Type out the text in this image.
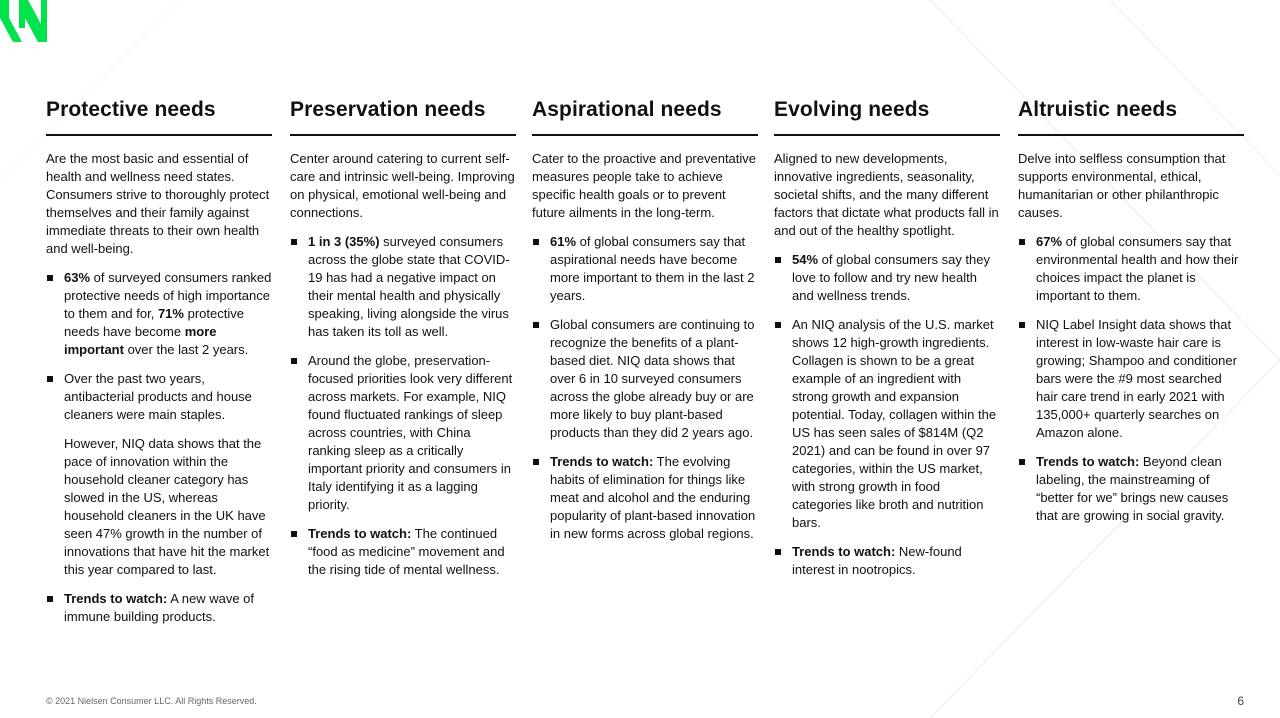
Protective needs

Are the most basic and essential of health and wellness need states. Consumers strive to thoroughly protect themselves and their family against immediate threats to their own health and well-being.

63% of surveyed consumers ranked protective needs of high importance to them and for, 71% protective needs have become more important over the last 2 years.

Over the past two years, antibacterial products and house cleaners were main staples.

However, NIQ data shows that the pace of innovation within the household cleaner category has slowed in the US, whereas household cleaners in the UK have seen 47% growth in the number of innovations that have hit the market this year compared to last.

Trends to watch: A new wave of immune building products.

Preservation needs

Center around catering to current self-care and intrinsic well-being. Improving on physical, emotional well-being and connections.

1 in 3 (35%) surveyed consumers across the globe state that COVID-19 has had a negative impact on their mental health and physically speaking, living alongside the virus has taken its toll as well.

Around the globe, preservation-focused priorities look very different across markets. For example, NIQ found fluctuated rankings of sleep across countries, with China ranking sleep as a critically important priority and consumers in Italy identifying it as a lagging priority.

Trends to watch: The continued “food as medicine” movement and the rising tide of mental wellness.

Aspirational needs

Cater to the proactive and preventative measures people take to achieve specific health goals or to prevent future ailments in the long-term.

61% of global consumers say that aspirational needs have become more important to them in the last 2 years.

Global consumers are continuing to recognize the benefits of a plant-based diet. NIQ data shows that over 6 in 10 surveyed consumers across the globe already buy or are more likely to buy plant-based products than they did 2 years ago.

Trends to watch: The evolving habits of elimination for things like meat and alcohol and the enduring popularity of plant-based innovation in new forms across global regions.

Evolving needs

Aligned to new developments, innovative ingredients, seasonality, societal shifts, and the many different factors that dictate what products fall in and out of the healthy spotlight.

54% of global consumers say they love to follow and try new health and wellness trends.

An NIQ analysis of the U.S. market shows 12 high-growth ingredients. Collagen is shown to be a great example of an ingredient with strong growth and expansion potential. Today, collagen within the US has seen sales of $814M (Q2 2021) and can be found in over 97 categories, within the US market, with strong growth in food categories like broth and nutrition bars.

Trends to watch: New-found interest in nootropics.

Altruistic needs

Delve into selfless consumption that supports environmental, ethical, humanitarian or other philanthropic causes.

67% of global consumers say that environmental health and how their choices impact the planet is important to them.

NIQ Label Insight data shows that interest in low-waste hair care is growing; Shampoo and conditioner bars were the #9 most searched hair care trend in early 2021 with 135,000+ quarterly searches on Amazon alone.

Trends to watch: Beyond clean labeling, the mainstreaming of “better for we” brings new causes that are growing in social gravity.

© 2021 Nielsen Consumer LLC. All Rights Reserved.	6
